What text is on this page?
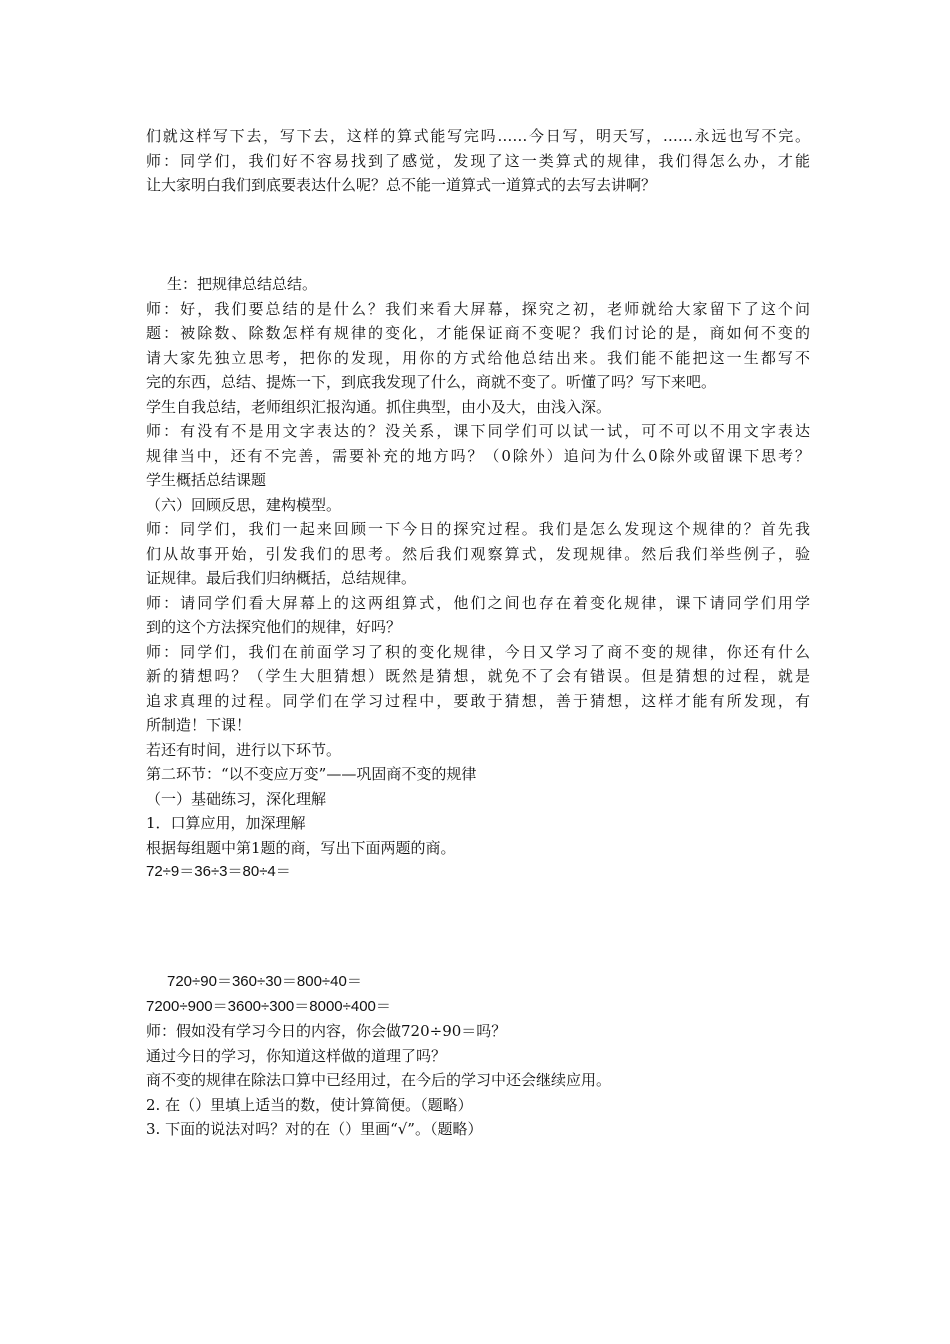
们就这样写下去，写下去，这样的算式能写完吗……今日写，明天写，……永远也写不完。
师：同学们，我们好不容易找到了感觉，发现了这一类算式的规律，我们得怎么办，才能
让大家明白我们到底要表达什么呢？总不能一道算式一道算式的去写去讲啊？
生：把规律总结总结。
师：好，我们要总结的是什么？我们来看大屏幕，探究之初，老师就给大家留下了这个问
题：被除数、除数怎样有规律的变化，才能保证商不变呢？我们讨论的是，商如何不变的
请大家先独立思考，把你的发现，用你的方式给他总结出来。我们能不能把这一生都写不
完的东西，总结、提炼一下，到底我发现了什么，商就不变了。听懂了吗？写下来吧。
学生自我总结，老师组织汇报沟通。抓住典型，由小及大，由浅入深。
师：有没有不是用文字表达的？没关系，课下同学们可以试一试，可不可以不用文字表达
规律当中，还有不完善，需要补充的地方吗？（0除外）追问为什么0除外或留课下思考？
学生概括总结课题
（六）回顾反思，建构模型。
师：同学们，我们一起来回顾一下今日的探究过程。我们是怎么发现这个规律的？首先我
们从故事开始，引发我们的思考。然后我们观察算式，发现规律。然后我们举些例子，验
证规律。最后我们归纳概括，总结规律。
师：请同学们看大屏幕上的这两组算式，他们之间也存在着变化规律，课下请同学们用学
到的这个方法探究他们的规律，好吗？
师：同学们，我们在前面学习了积的变化规律，今日又学习了商不变的规律，你还有什么
新的猜想吗？（学生大胆猜想）既然是猜想，就免不了会有错误。但是猜想的过程，就是
追求真理的过程。同学们在学习过程中，要敢于猜想，善于猜想，这样才能有所发现，有
所制造！下课！
若还有时间，进行以下环节。
第二环节：“以不变应万变”——巩固商不变的规律
（一）基础练习，深化理解
1．口算应用，加深理解
根据每组题中第1题的商，写出下面两题的商。
72÷9＝36÷3＝80÷4＝
720÷90＝360÷30＝800÷40＝
7200÷900＝3600÷300＝8000÷400＝
师：假如没有学习今日的内容，你会做720÷90＝吗？
通过今日的学习，你知道这样做的道理了吗？
商不变的规律在除法口算中已经用过，在今后的学习中还会继续应用。
2. 在（）里填上适当的数，使计算简便。（题略）
3. 下面的说法对吗？对的在（）里画“√”。（题略）
